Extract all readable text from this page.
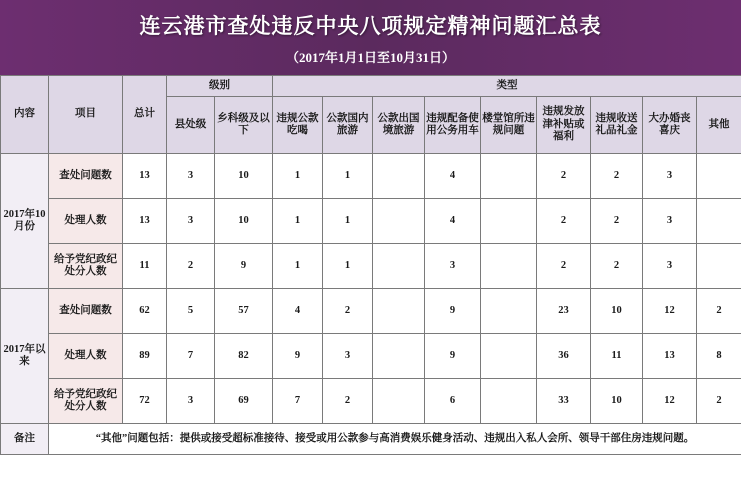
连云港市查处违反中央八项规定精神问题汇总表
（2017年1月1日至10月31日）
内容	项目	总计	级别		类型								
			县处级	乡科级及以下	违规公款吃喝	公款国内旅游	公款出国境旅游	违规配备使用公务用车	楼堂馆所违规问题	违规发放津补贴或福利	违规收送礼品礼金	大办婚丧喜庆	其他
2017年10月份	查处问题数	13	3	10	1	1		4		2	2	3	
	处理人数	13	3	10	1	1		4		2	2	3	
	给予党纪政纪处分人数	11	2	9	1	1		3		2	2	3	
2017年以来	查处问题数	62	5	57	4	2		9		23	10	12	2
	处理人数	89	7	82	9	3		9		36	11	13	8
	给予党纪政纪处分人数	72	3	69	7	2		6		33	10	12	2
备注	“其他”问题包括：提供或接受超标准接待、接受或用公款参与高消费娱乐健身活动、违规出入私人会所、领导干部住房违规问题。												
